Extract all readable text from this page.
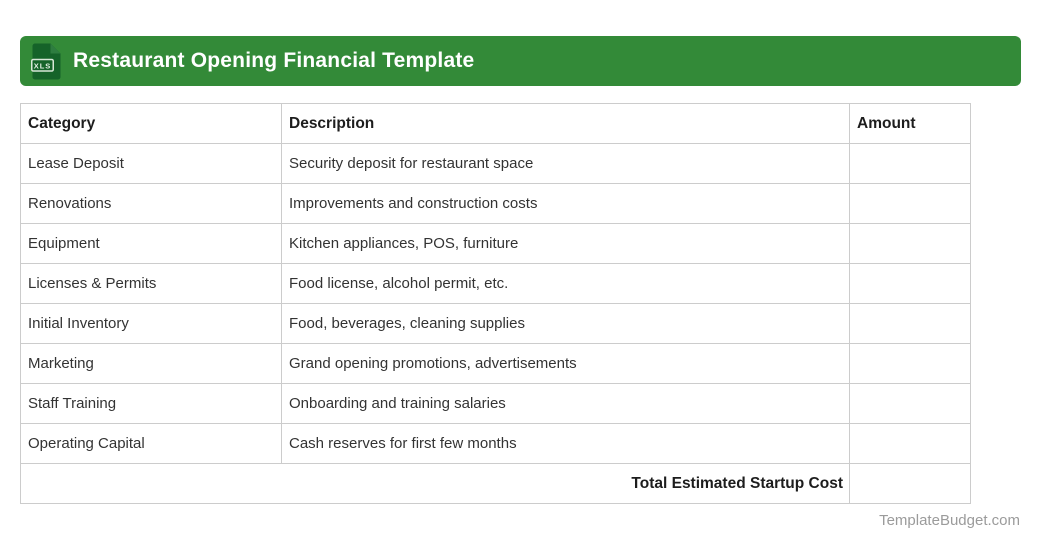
XLS Restaurant Opening Financial Template
Category	Description	Amount
Lease Deposit	Security deposit for restaurant space	
Renovations	Improvements and construction costs	
Equipment	Kitchen appliances, POS, furniture	
Licenses & Permits	Food license, alcohol permit, etc.	
Initial Inventory	Food, beverages, cleaning supplies	
Marketing	Grand opening promotions, advertisements	
Staff Training	Onboarding and training salaries	
Operating Capital	Cash reserves for first few months	
Total Estimated Startup Cost		
TemplateBudget.com
